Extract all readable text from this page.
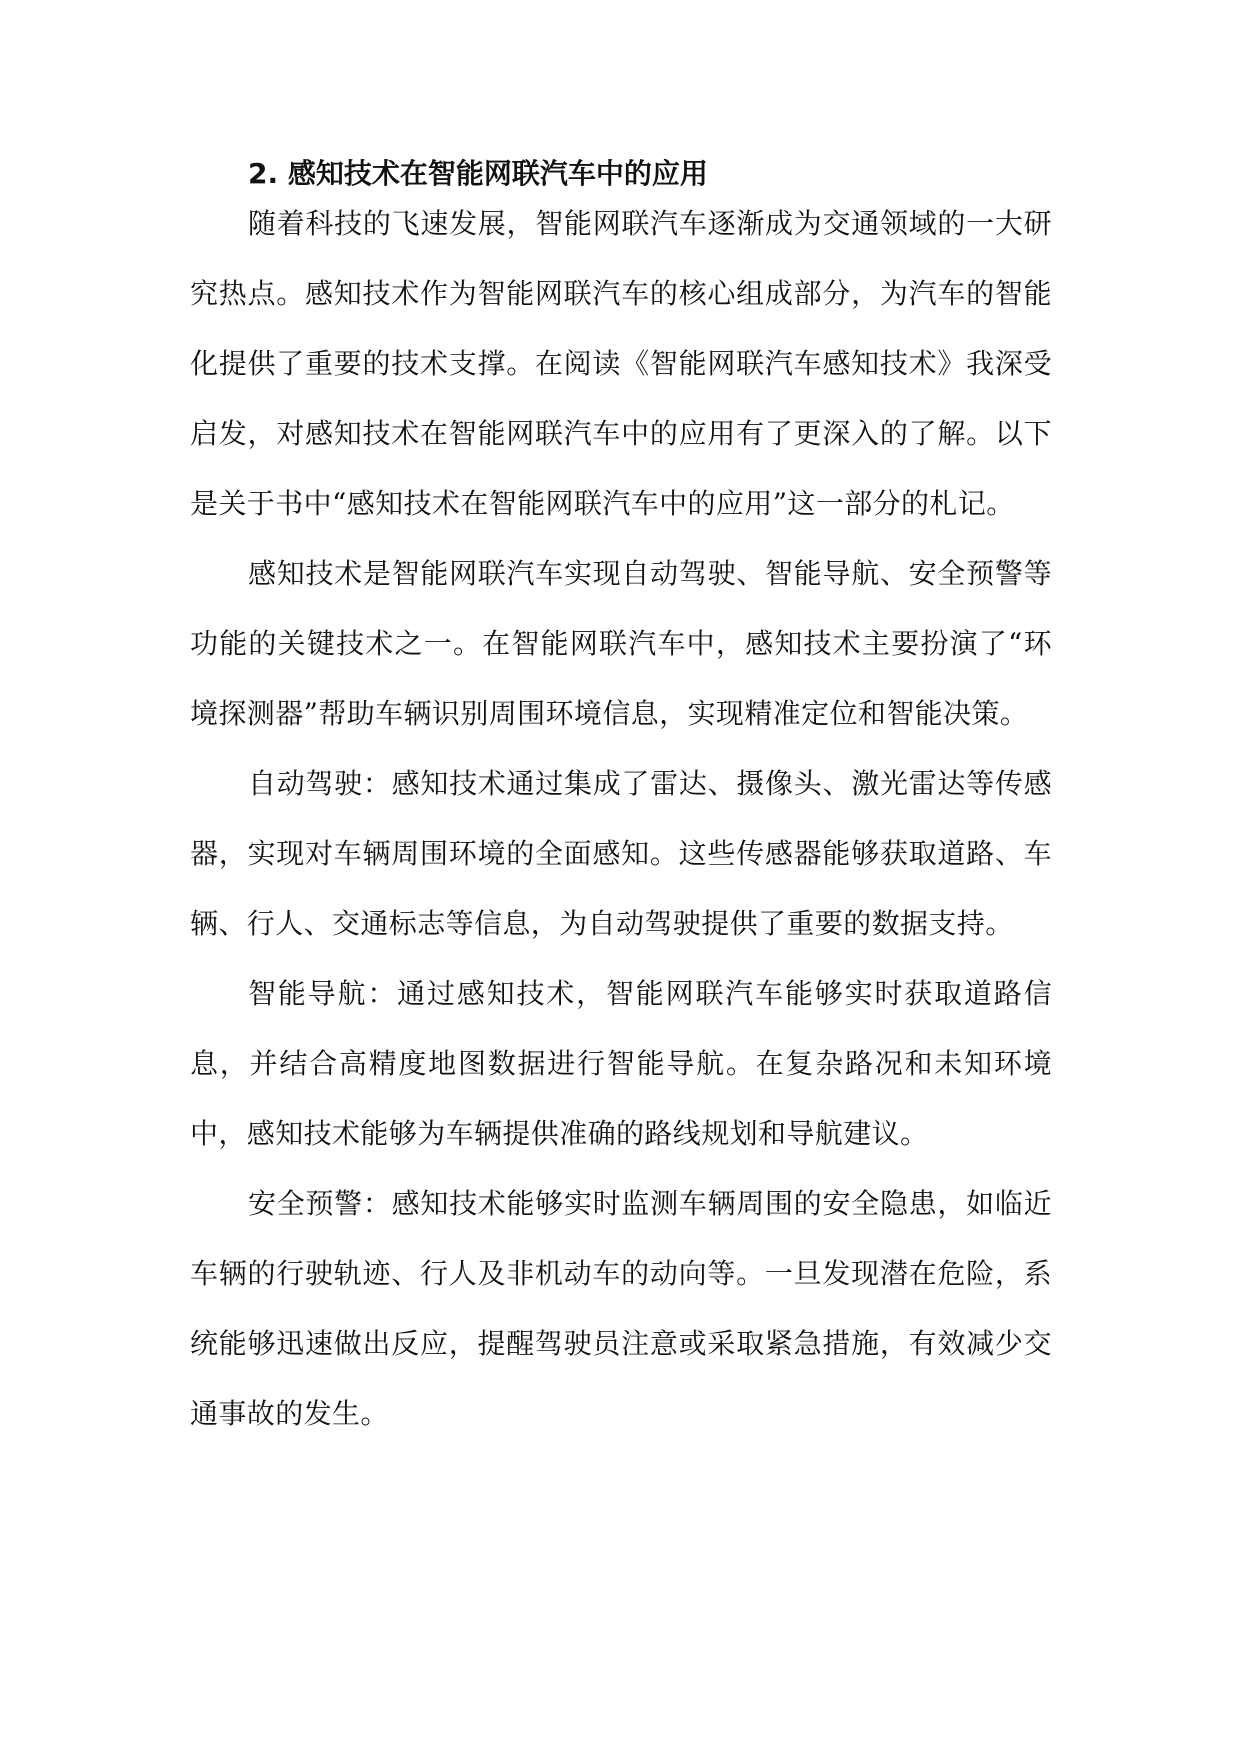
2. 感知技术在智能网联汽车中的应用

随着科技的飞速发展，智能网联汽车逐渐成为交通领域的一大研究热点。感知技术作为智能网联汽车的核心组成部分，为汽车的智能化提供了重要的技术支撑。在阅读《智能网联汽车感知技术》我深受启发，对感知技术在智能网联汽车中的应用有了更深入的了解。以下是关于书中“感知技术在智能网联汽车中的应用”这一部分的札记。

感知技术是智能网联汽车实现自动驾驶、智能导航、安全预警等功能的关键技术之一。在智能网联汽车中，感知技术主要扮演了“环境探测器”帮助车辆识别周围环境信息，实现精准定位和智能决策。

自动驾驶：感知技术通过集成了雷达、摄像头、激光雷达等传感器，实现对车辆周围环境的全面感知。这些传感器能够获取道路、车辆、行人、交通标志等信息，为自动驾驶提供了重要的数据支持。

智能导航：通过感知技术，智能网联汽车能够实时获取道路信息，并结合高精度地图数据进行智能导航。在复杂路况和未知环境中，感知技术能够为车辆提供准确的路线规划和导航建议。

安全预警：感知技术能够实时监测车辆周围的安全隐患，如临近车辆的行驶轨迹、行人及非机动车的动向等。一旦发现潜在危险，系统能够迅速做出反应，提醒驾驶员注意或采取紧急措施，有效减少交通事故的发生。
